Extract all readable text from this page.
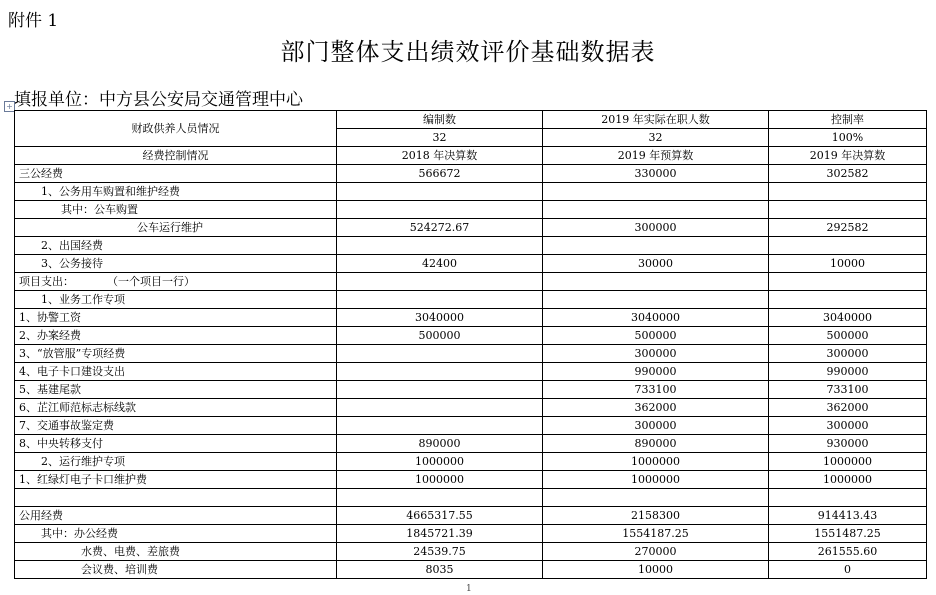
附件 1
部门整体支出绩效评价基础数据表
填报单位：中方县公安局交通管理中心
+
财政供养人员情况	编制数	2019 年实际在职人数	控制率
	32	32	100%
经费控制情况	2018 年决算数	2019 年预算数	2019 年决算数
三公经费	566672	330000	302582
1、公务用车购置和维护经费			
其中：公车购置			
公车运行维护	524272.67	300000	292582
2、出国经费			
3、公务接待	42400	30000	10000
项目支出：　　　　（一个项目一行）			
1、业务工作专项			
1、协警工资	3040000	3040000	3040000
2、办案经费	500000	500000	500000
3、“放管服”专项经费		300000	300000
4、电子卡口建设支出		990000	990000
5、基建尾款		733100	733100
6、芷江师范标志标线款		362000	362000
7、交通事故鉴定费		300000	300000
8、中央转移支付	890000	890000	930000
2、运行维护专项	1000000	1000000	1000000
1、红绿灯电子卡口维护费	1000000	1000000	1000000

公用经费	4665317.55	2158300	914413.43
其中：办公经费	1845721.39	1554187.25	1551487.25
水费、电费、差旅费	24539.75	270000	261555.60
会议费、培训费	8035	10000	0
1
